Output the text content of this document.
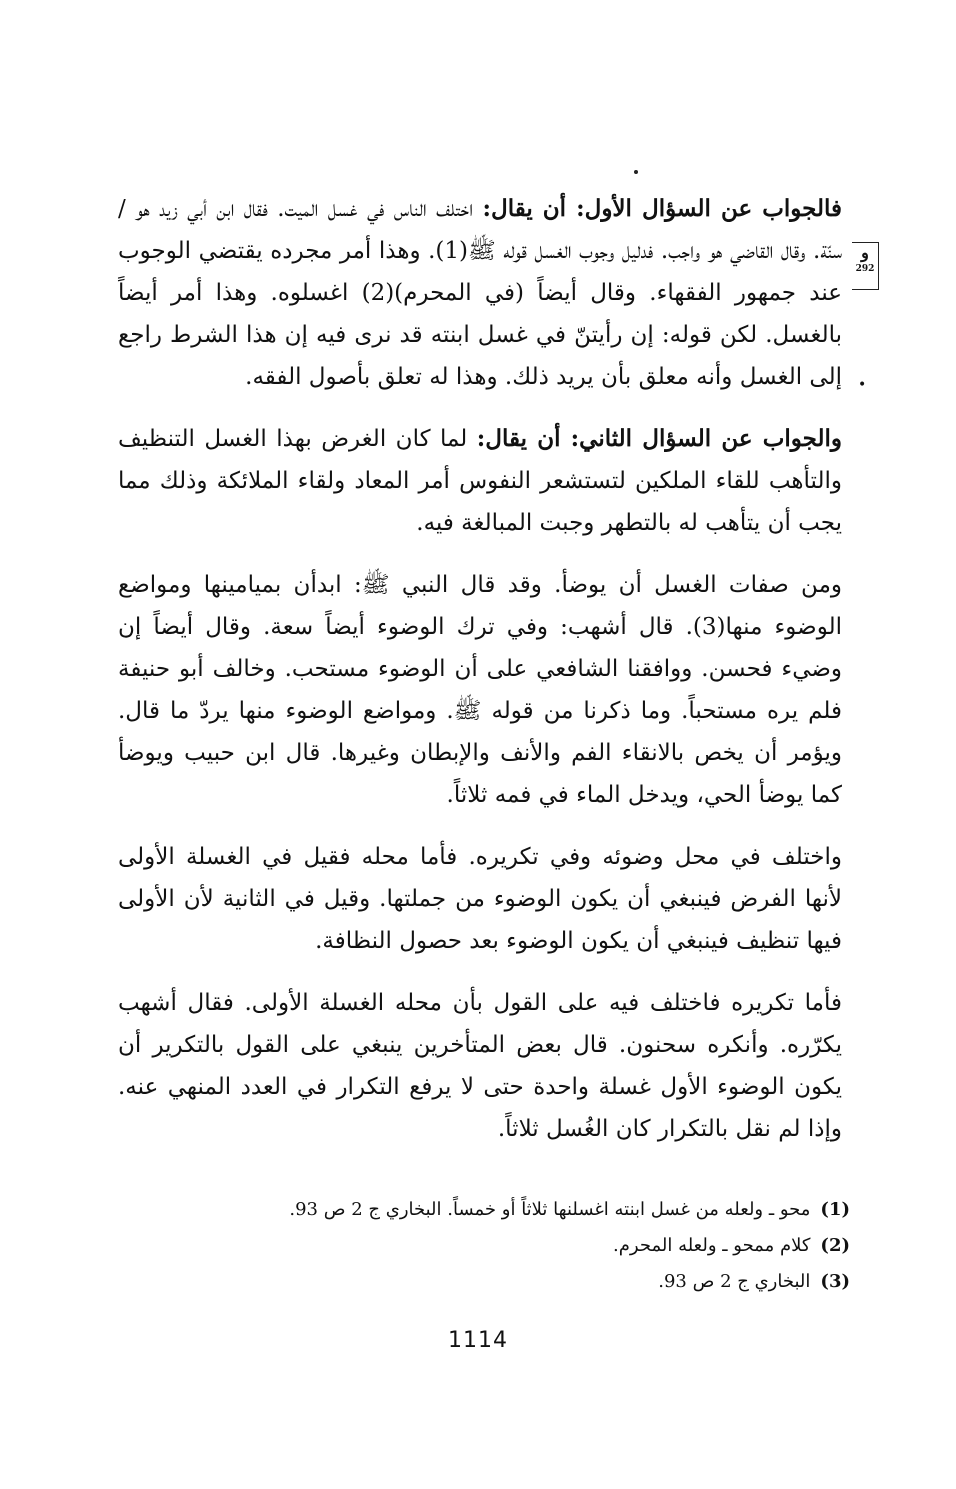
و
292
•

فالجواب عن السؤال الأول: أن يقال: اختلف الناس في غسل الميت. فقال ابن أبي زيد هو / سنّة. وقال القاضي هو واجب. فدليل وجوب الغسل قوله ﷺ(1). وهذا أمر مجرده يقتضي الوجوب عند جمهور الفقهاء. وقال أيضاً (في المحرم)(2) اغسلوه. وهذا أمر أيضاً بالغسل. لكن قوله: إن رأيتنّ في غسل ابنته قد نرى فيه إن هذا الشرط راجع إلى الغسل وأنه معلق بأن يريد ذلك. وهذا له تعلق بأصول الفقه.

والجواب عن السؤال الثاني: أن يقال: لما كان الغرض بهذا الغسل التنظيف والتأهب للقاء الملكين لتستشعر النفوس أمر المعاد ولقاء الملائكة وذلك مما يجب أن يتأهب له بالتطهر وجبت المبالغة فيه.

ومن صفات الغسل أن يوضأ. وقد قال النبي ﷺ: ابدأن بميامينها ومواضع الوضوء منها(3). قال أشهب: وفي ترك الوضوء أيضاً سعة. وقال أيضاً إن وضيء فحسن. ووافقنا الشافعي على أن الوضوء مستحب. وخالف أبو حنيفة فلم يره مستحباً. وما ذكرنا من قوله ﷺ. ومواضع الوضوء منها يردّ ما قال. ويؤمر أن يخص بالانقاء الفم والأنف والإبطان وغيرها. قال ابن حبيب ويوضأ كما يوضأ الحي، ويدخل الماء في فمه ثلاثاً.

واختلف في محل وضوئه وفي تكريره. فأما محله فقيل في الغسلة الأولى لأنها الفرض فينبغي أن يكون الوضوء من جملتها. وقيل في الثانية لأن الأولى فيها تنظيف فينبغي أن يكون الوضوء بعد حصول النظافة.

فأما تكريره فاختلف فيه على القول بأن محله الغسلة الأولى. فقال أشهب يكرّره. وأنكره سحنون. قال بعض المتأخرين ينبغي على القول بالتكرير أن يكون الوضوء الأول غسلة واحدة حتى لا يرفع التكرار في العدد المنهي عنه. وإذا لم نقل بالتكرار كان الغُسل ثلاثاً.

(1)محو ـ ولعله من غسل ابنته اغسلنها ثلاثاً أو خمساً. البخاري ج 2 ص 93.
(2)كلام ممحو ـ ولعله المحرم.
(3)البخاري ج 2 ص 93.
1114
